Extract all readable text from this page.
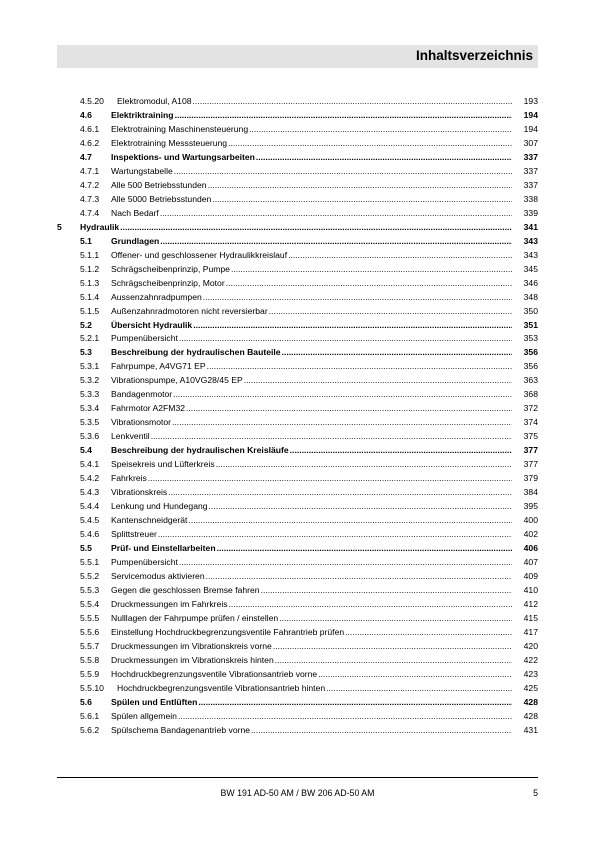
Inhaltsverzeichnis
4.5.20 Elektromodul, A108 .....	193
4.6 Elektriktraining .....	194
4.6.1 Elektrotraining Maschinensteuerung .....	194
4.6.2 Elektrotraining Messsteuerung .....	307
4.7 Inspektions- und Wartungsarbeiten .....	337
4.7.1 Wartungstabelle .....	337
4.7.2 Alle 500 Betriebsstunden .....	337
4.7.3 Alle 5000 Betriebsstunden .....	338
4.7.4 Nach Bedarf .....	339
5 Hydraulik .....	341
5.1 Grundlagen .....	343
5.1.1 Offener- und geschlossener Hydraulikkreislauf .....	343
5.1.2 Schrägscheibenprinzip, Pumpe .....	345
5.1.3 Schrägscheibenprinzip, Motor .....	346
5.1.4 Aussenzahnradpumpen .....	348
5.1.5 Außenzahnradmotoren nicht reversierbar .....	350
5.2 Übersicht Hydraulik .....	351
5.2.1 Pumpenübersicht .....	353
5.3 Beschreibung der hydraulischen Bauteile .....	356
5.3.1 Fahrpumpe, A4VG71 EP .....	356
5.3.2 Vibrationspumpe, A10VG28/45 EP .....	363
5.3.3 Bandagenmotor .....	368
5.3.4 Fahrmotor A2FM32 .....	372
5.3.5 Vibrationsmotor .....	374
5.3.6 Lenkventil .....	375
5.4 Beschreibung der hydraulischen Kreisläufe .....	377
5.4.1 Speisekreis und Lüfterkreis .....	377
5.4.2 Fahrkreis .....	379
5.4.3 Vibrationskreis .....	384
5.4.4 Lenkung und Hundegang .....	395
5.4.5 Kantenschneidgerät .....	400
5.4.6 Splittstreuer .....	402
5.5 Prüf- und Einstellarbeiten .....	406
5.5.1 Pumpenübersicht .....	407
5.5.2 Servicemodus aktivieren .....	409
5.5.3 Gegen die geschlossen Bremse fahren .....	410
5.5.4 Druckmessungen im Fahrkreis .....	412
5.5.5 Nulllagen der Fahrpumpe prüfen / einstellen .....	415
5.5.6 Einstellung Hochdruckbegrenzungsventile Fahrantrieb prüfen .....	417
5.5.7 Druckmessungen im Vibrationskreis vorne .....	420
5.5.8 Druckmessungen im Vibrationskreis hinten .....	422
5.5.9 Hochdruckbegrenzungsventile Vibrationsantrieb vorne .....	423
5.5.10 Hochdruckbegrenzungsventile Vibrationsantrieb hinten .....	425
5.6 Spülen und Entlüften .....	428
5.6.1 Spülen allgemein .....	428
5.6.2 Spülschema Bandagenantrieb vorne .....	431
BW 191 AD-50 AM / BW 206 AD-50 AM	5
